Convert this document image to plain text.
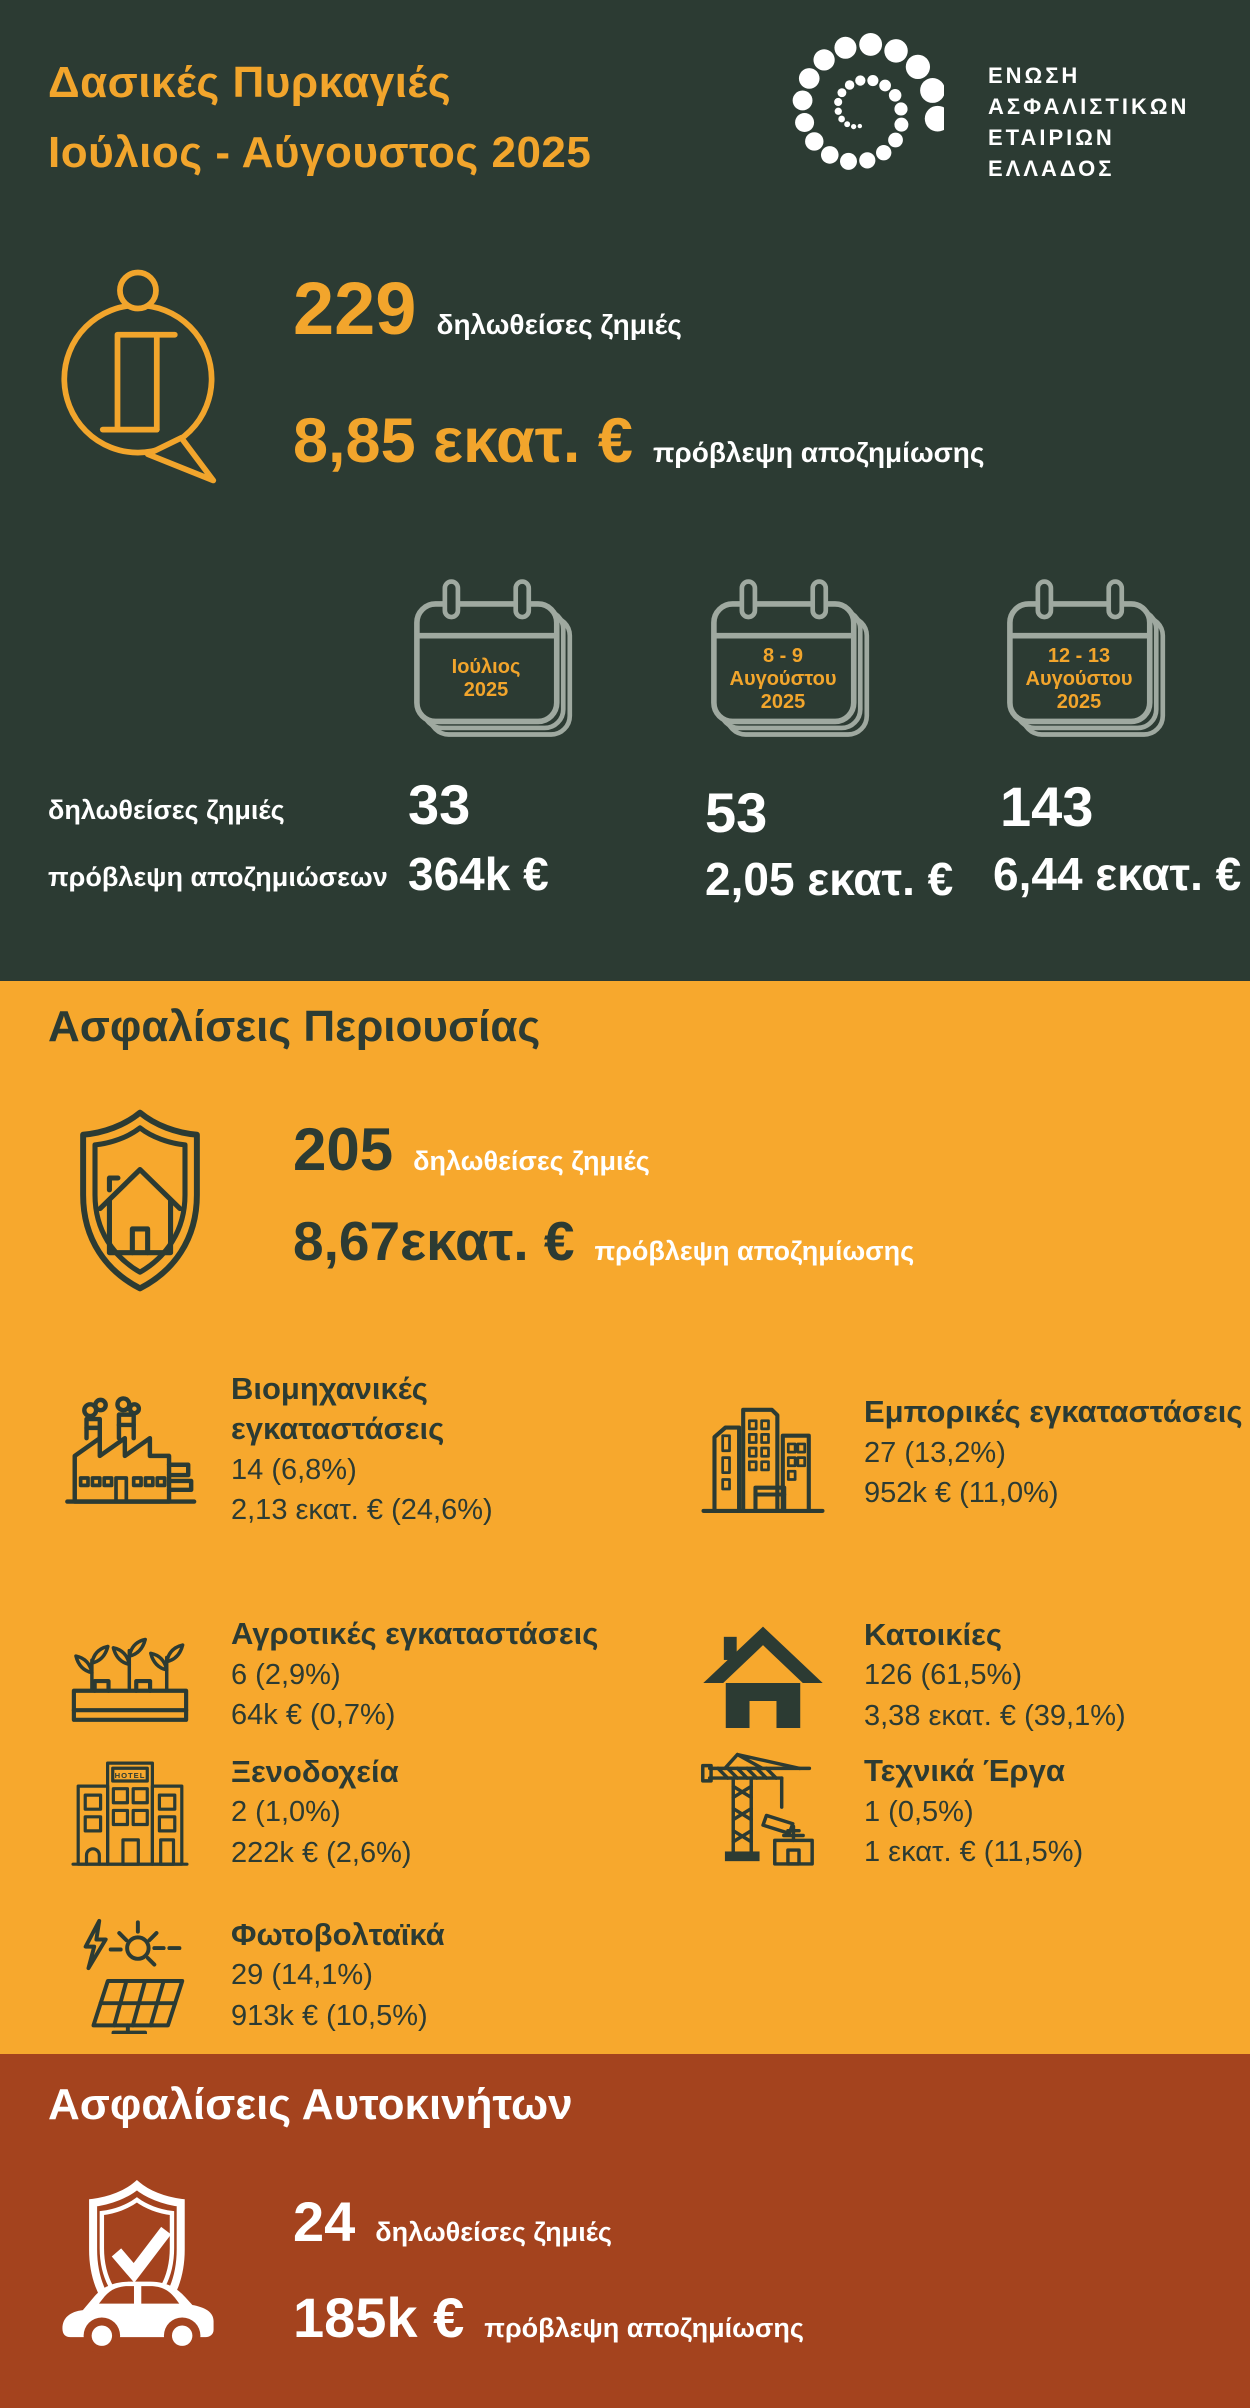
Δασικές Πυρκαγιές
Ιούλιος - Αύγουστος 2025
ΕΝΩΣΗ
ΑΣΦΑΛΙΣΤΙΚΩΝ
ΕΤΑΙΡΙΩΝ
ΕΛΛΑΔΟΣ
229 δηλωθείσες ζημιές
8,85 εκατ. € πρόβλεψη αποζημίωσης
Ιούλιος
2025
8 - 9
Αυγούστου
2025
12 - 13
Αυγούστου
2025
δηλωθείσες ζημιές
πρόβλεψη αποζημιώσεων
33	53	143
364k €	2,05 εκατ. € 6,44 εκατ. €
Ασφαλίσεις Περιουσίας
205 δηλωθείσες ζημιές
8,67εκατ. € πρόβλεψη αποζημίωσης
Βιομηχανικές εγκαταστάσεις

14 (6,8%)

2,13 εκατ. € (24,6%)

Εμπορικές εγκαταστάσεις

27 (13,2%)

952k € (11,0%)

Αγροτικές εγκαταστάσεις

6 (2,9%)

64k € (0,7%)

Κατοικίες

126 (61,5%)

3,38 εκατ. € (39,1%)

HOTEL	Ξενοδοχεία

2 (1,0%)

222k € (2,6%)

Τεχνικά Έργα

1 (0,5%)

1 εκατ. € (11,5%)

Φωτοβολταϊκά

29 (14,1%)

913k € (10,5%)

Ασφαλίσεις Αυτοκινήτων
24 δηλωθείσες ζημιές
185k € πρόβλεψη αποζημίωσης
